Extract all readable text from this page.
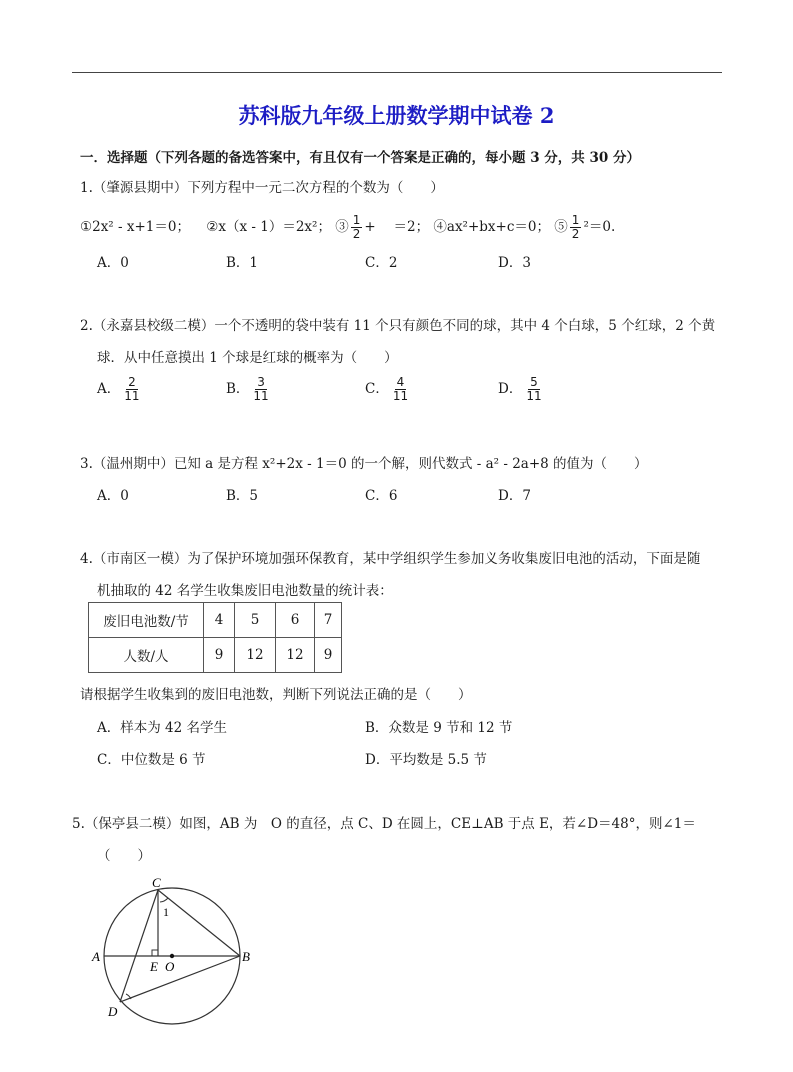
苏科版九年级上册数学期中试卷 2
一．选择题（下列各题的备选答案中，有且仅有一个答案是正确的，每小题 3 分，共 30 分）
1.（肇源县期中）下列方程中一元二次方程的个数为（　　）
①2x² - x+1＝0； ②x（x - 1）＝2x²； ③ $\frac{1}{2}$ +　 ＝2； ④ax²+bx+c＝0； ⑤ $\frac{1}{2} ^2=0$.
A．0	B．1	C．2	D．3
2.（永嘉县校级二模）一个不透明的袋中装有 11 个只有颜色不同的球，其中 4 个白球，5 个红球，2 个黄
球．从中任意摸出 1 个球是红球的概率为（　　）
A． $\frac{2}{11}$	B． $\frac{3}{11}$	C． $\frac{4}{11}$	D． $\frac{5}{11}$
3.（温州期中）已知 a 是方程 x²+2x - 1＝0 的一个解，则代数式 - a² - 2a+8 的值为（　　）
A．0	B．5	C．6	D．7
4.（市南区一模）为了保护环境加强环保教育，某中学组织学生参加义务收集废旧电池的活动，下面是随
机抽取的 42 名学生收集废旧电池数量的统计表：
废旧电池数/节	4	5	6	7
人数/人	9	12	12	9
请根据学生收集到的废旧电池数，判断下列说法正确的是（　　）
A．样本为 42 名学生	B．众数是 9 节和 12 节
C．中位数是 6 节	D．平均数是 5.5 节
5.（保亭县二模）如图，AB 为　O 的直径，点 C、D 在圆上，CE⊥AB 于点 E，若∠D＝48°，则∠1＝
（　　）
C
1
A	B
E O
D
